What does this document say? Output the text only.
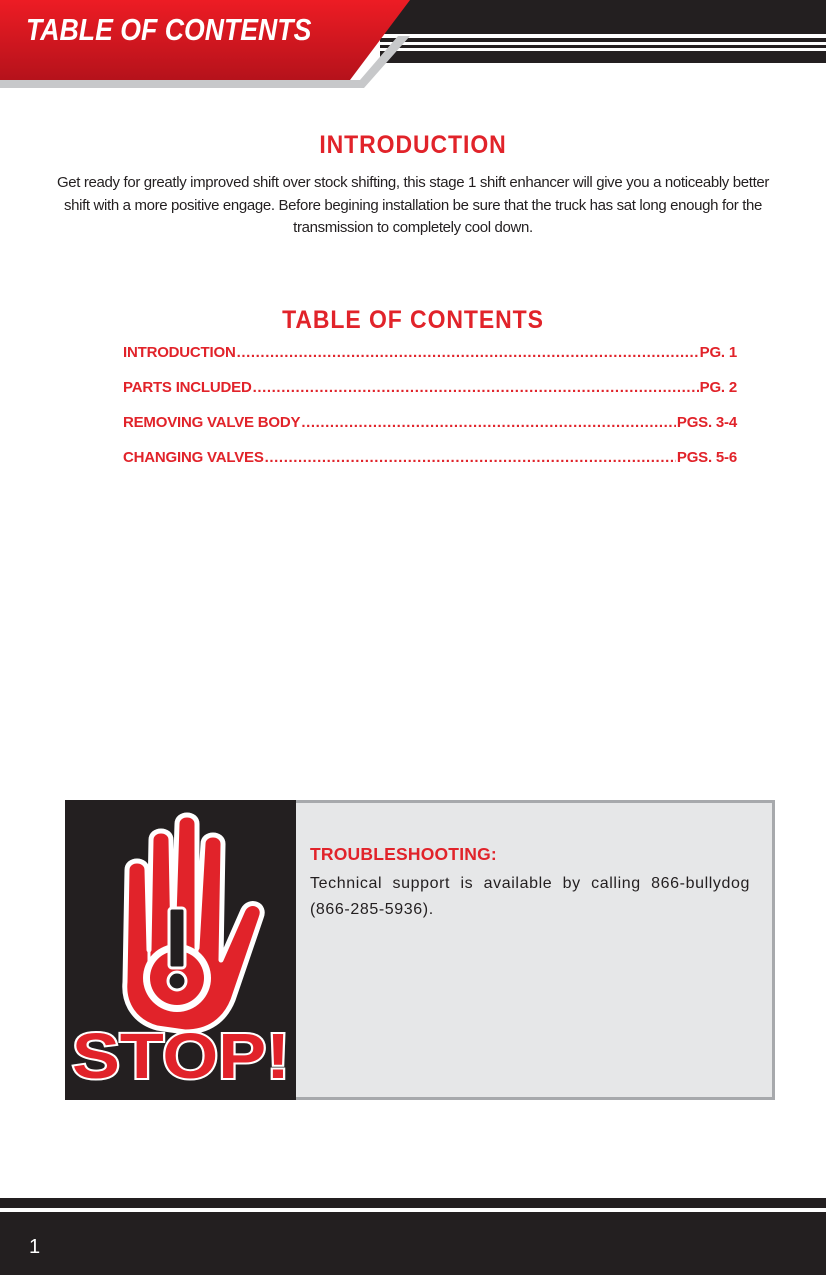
TABLE OF CONTENTS
INTRODUCTION
Get ready for greatly improved shift over stock shifting, this stage 1 shift enhancer will give you a noticeably better shift with a more positive engage. Before begining installation be sure that the truck has sat long enough for the transmission to completely cool down.
TABLE OF CONTENTS
INTRODUCTION .....	PG. 1
PARTS INCLUDED .....	PG. 2
REMOVING VALVE BODY .....	PGS. 3-4
CHANGING VALVES .....	PGS. 5-6
STOP!
TROUBLESHOOTING:
Technical support is available by calling 866-bullydog (866-285-5936).
1
